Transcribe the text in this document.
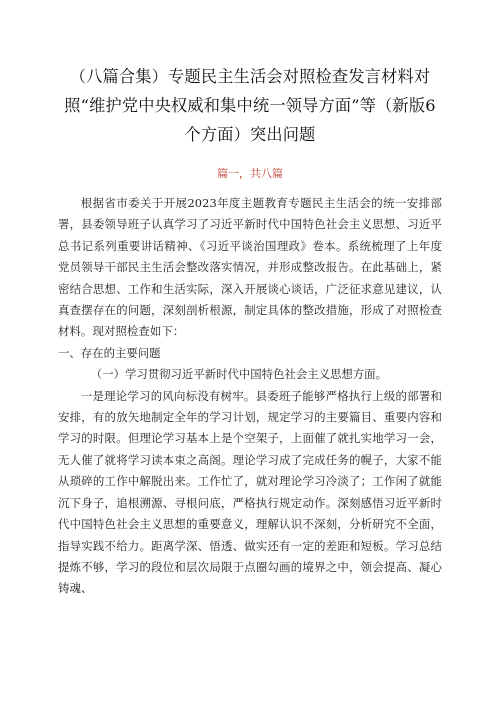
（八篇合集）专题民主生活会对照检查发言材料对照“维护党中央权威和集中统一领导方面”等（新版6个方面）突出问题
篇一，共八篇

根据省市委关于开展2023年度主题教育专题民主生活会的统一安排部署，县委领导班子认真学习了习近平新时代中国特色社会主义思想、习近平总书记系列重要讲话精神、《习近平谈治国理政》卷本。系统梳理了上年度党员领导干部民主生活会整改落实情况，并形成整改报告。在此基础上，紧密结合思想、工作和生活实际，深入开展谈心谈话，广泛征求意见建议，认真查摆存在的问题，深刻剖析根源，制定具体的整改措施，形成了对照检查材料。现对照检查如下：

一、存在的主要问题

（一）学习贯彻习近平新时代中国特色社会主义思想方面。

一是理论学习的风向标没有树牢。县委班子能够严格执行上级的部署和安排，有的放矢地制定全年的学习计划，规定学习的主要篇目、重要内容和学习的时限。但理论学习基本上是个空架子，上面催了就扎实地学习一会，无人催了就将学习读本束之高阁。理论学习成了完成任务的幌子，大家不能从琐碎的工作中解脱出来。工作忙了，就对理论学习冷淡了；工作闲了就能沉下身子，追根溯源、寻根问底，严格执行规定动作。深刻感悟习近平新时代中国特色社会主义思想的重要意义，理解认识不深刻，分析研究不全面，指导实践不给力。距离学深、悟透、做实还有一定的差距和短板。学习总结提炼不够，学习的段位和层次局限于点圈勾画的境界之中，领会提高、凝心铸魂、
